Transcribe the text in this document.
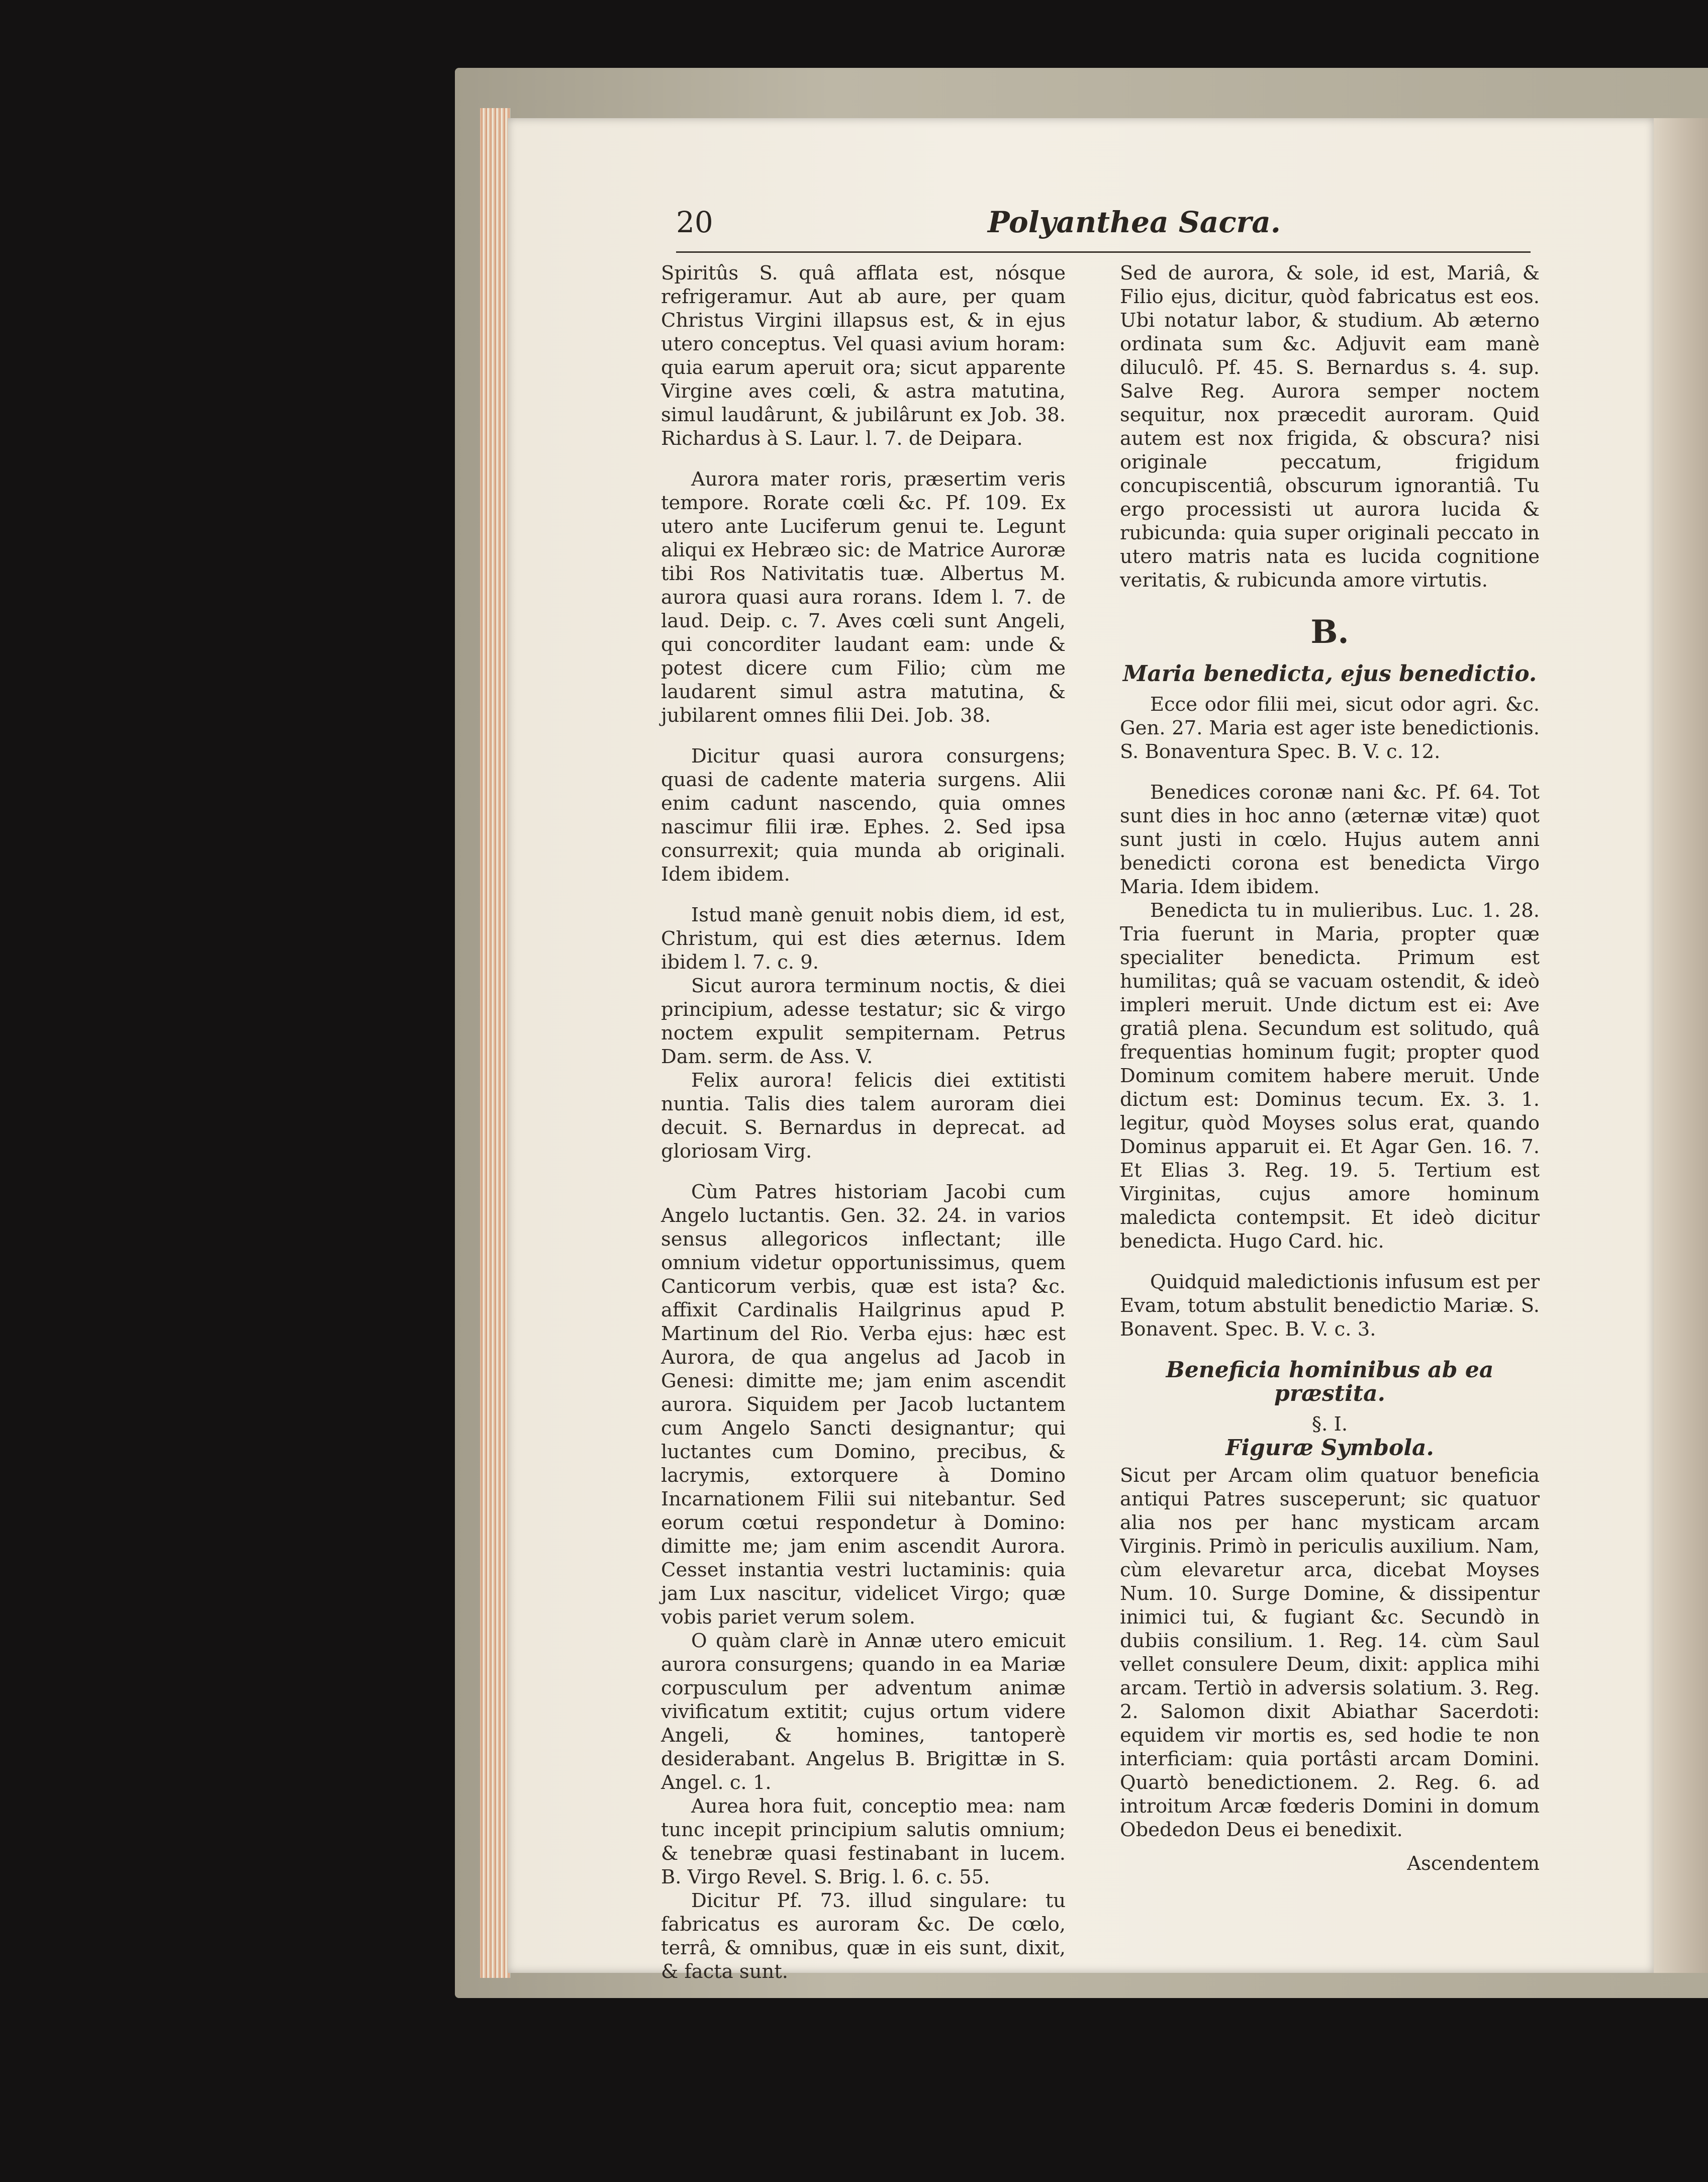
20	Polyanthea Sacra.

Spiritûs S. quâ afflata est, nósque refrigeramur. Aut ab aure, per quam Christus Virgini illapsus est, & in ejus utero conceptus. Vel quasi avium horam: quia earum aperuit ora; sicut apparente Virgine aves cœli, & astra matutina, simul laudârunt, & jubilârunt ex Job. 38. Richardus à S. Laur. l. 7. de Deipara.

Aurora mater roris, præsertim veris tempore. Rorate cœli &c. Pf. 109. Ex utero ante Luciferum genui te. Legunt aliqui ex Hebræo sic: de Matrice Auroræ tibi Ros Nativitatis tuæ. Albertus M. aurora quasi aura rorans. Idem l. 7. de laud. Deip. c. 7. Aves cœli sunt Angeli, qui concorditer laudant eam: unde & potest dicere cum Filio; cùm me laudarent simul astra matutina, & jubilarent omnes filii Dei. Job. 38.

Dicitur quasi aurora consurgens; quasi de cadente materia surgens. Alii enim cadunt nascendo, quia omnes nascimur filii iræ. Ephes. 2. Sed ipsa consurrexit; quia munda ab originali. Idem ibidem.

Istud manè genuit nobis diem, id est, Christum, qui est dies æternus. Idem ibidem l. 7. c. 9.

Sicut aurora terminum noctis, & diei principium, adesse testatur; sic & virgo noctem expulit sempiternam. Petrus Dam. serm. de Ass. V.

Felix aurora! felicis diei extitisti nuntia. Talis dies talem auroram diei decuit. S. Bernardus in deprecat. ad gloriosam Virg.

Cùm Patres historiam Jacobi cum Angelo luctantis. Gen. 32. 24. in varios sensus allegoricos inflectant; ille omnium videtur opportunissimus, quem Canticorum verbis, quæ est ista? &c. affixit Cardinalis Hailgrinus apud P. Martinum del Rio. Verba ejus: hæc est Aurora, de qua angelus ad Jacob in Genesi: dimitte me; jam enim ascendit aurora. Siquidem per Jacob luctantem cum Angelo Sancti designantur; qui luctantes cum Domino, precibus, & lacrymis, extorquere à Domino Incarnationem Filii sui nitebantur. Sed eorum cœtui respondetur à Domino: dimitte me; jam enim ascendit Aurora. Cesset instantia vestri luctaminis: quia jam Lux nascitur, videlicet Virgo; quæ vobis pariet verum solem.

O quàm clarè in Annæ utero emicuit aurora consurgens; quando in ea Mariæ corpusculum per adventum animæ vivificatum extitit; cujus ortum videre Angeli, & homines, tantoperè desiderabant. Angelus B. Brigittæ in S. Angel. c. 1.

Aurea hora fuit, conceptio mea: nam tunc incepit principium salutis omnium; & tenebræ quasi festinabant in lucem. B. Virgo Revel. S. Brig. l. 6. c. 55.

Dicitur Pf. 73. illud singulare: tu fabricatus es auroram &c. De cœlo, terrâ, & omnibus, quæ in eis sunt, dixit, & facta sunt.

Sed de aurora, & sole, id est, Mariâ, & Filio ejus, dicitur, quòd fabricatus est eos. Ubi notatur labor, & studium. Ab æterno ordinata sum &c. Adjuvit eam manè diluculô. Pf. 45. S. Bernardus s. 4. sup. Salve Reg. Aurora semper noctem sequitur, nox præcedit auroram. Quid autem est nox frigida, & obscura? nisi originale peccatum, frigidum concupiscentiâ, obscurum ignorantiâ. Tu ergo processisti ut aurora lucida & rubicunda: quia super originali peccato in utero matris nata es lucida cognitione veritatis, & rubicunda amore virtutis.

B.

Maria benedicta, ejus benedictio.

Ecce odor filii mei, sicut odor agri. &c. Gen. 27. Maria est ager iste benedictionis. S. Bonaventura Spec. B. V. c. 12.

Benedices coronæ nani &c. Pf. 64. Tot sunt dies in hoc anno (æternæ vitæ) quot sunt justi in cœlo. Hujus autem anni benedicti corona est benedicta Virgo Maria. Idem ibidem.

Benedicta tu in mulieribus. Luc. 1. 28. Tria fuerunt in Maria, propter quæ specialiter benedicta. Primum est humilitas; quâ se vacuam ostendit, & ideò impleri meruit. Unde dictum est ei: Ave gratiâ plena. Secundum est solitudo, quâ frequentias hominum fugit; propter quod Dominum comitem habere meruit. Unde dictum est: Dominus tecum. Ex. 3. 1. legitur, quòd Moyses solus erat, quando Dominus apparuit ei. Et Agar Gen. 16. 7. Et Elias 3. Reg. 19. 5. Tertium est Virginitas, cujus amore hominum maledicta contempsit. Et ideò dicitur benedicta. Hugo Card. hic.

Quidquid maledictionis infusum est per Evam, totum abstulit benedictio Mariæ. S. Bonavent. Spec. B. V. c. 3.

Beneficia hominibus ab ea præstita.

§. I.

Figuræ Symbola.

Sicut per Arcam olim quatuor beneficia antiqui Patres susceperunt; sic quatuor alia nos per hanc mysticam arcam Virginis. Primò in periculis auxilium. Nam, cùm elevaretur arca, dicebat Moyses Num. 10. Surge Domine, & dissipentur inimici tui, & fugiant &c. Secundò in dubiis consilium. 1. Reg. 14. cùm Saul vellet consulere Deum, dixit: applica mihi arcam. Tertiò in adversis solatium. 3. Reg. 2. Salomon dixit Abiathar Sacerdoti: equidem vir mortis es, sed hodie te non interficiam: quia portâsti arcam Domini. Quartò benedictionem. 2. Reg. 6. ad introitum Arcæ fœderis Domini in domum Obededon Deus ei benedixit.

Ascendentem
